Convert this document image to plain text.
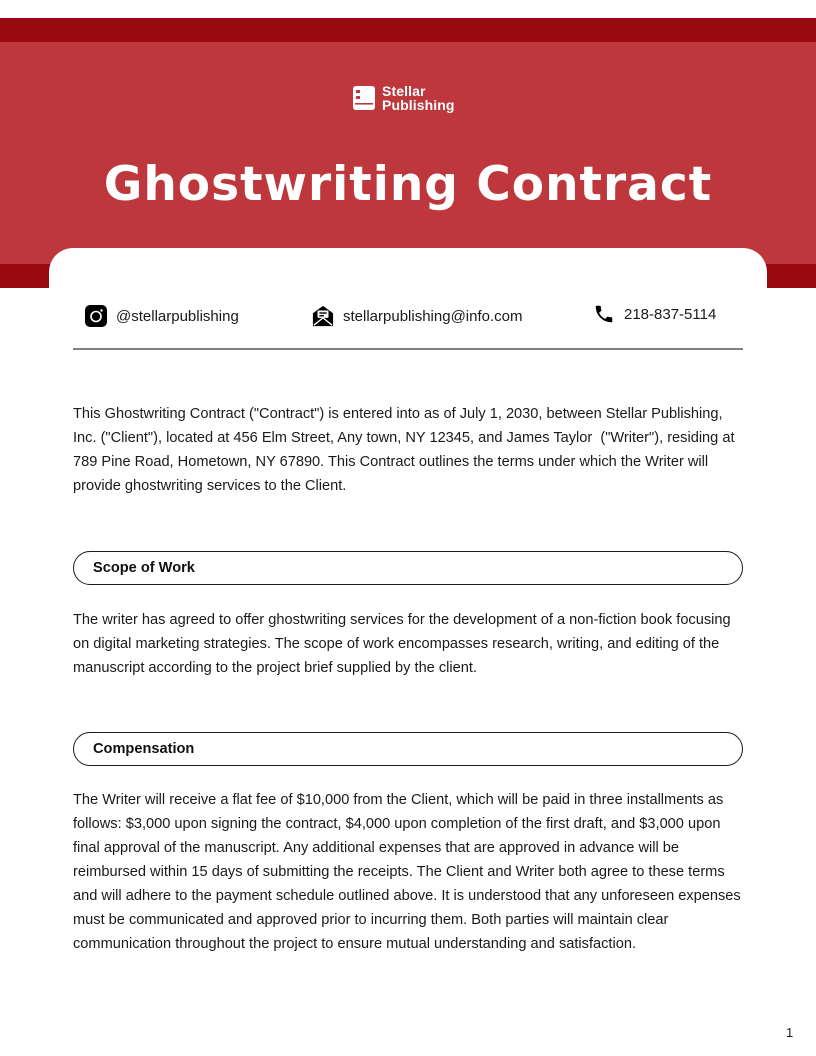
Stellar
Publishing
Ghostwriting Contract
@stellarpublishing	stellarpublishing@info.com	218-837-5114

This Ghostwriting Contract ("Contract") is entered into as of July 1, 2030, between Stellar Publishing, Inc. ("Client"), located at 456 Elm Street, Any town, NY 12345, and James Taylor  ("Writer"), residing at 789 Pine Road, Hometown, NY 67890. This Contract outlines the terms under which the Writer will provide ghostwriting services to the Client.

Scope of Work

The writer has agreed to offer ghostwriting services for the development of a non-fiction book focusing on digital marketing strategies. The scope of work encompasses research, writing, and editing of the manuscript according to the project brief supplied by the client.

Compensation

The Writer will receive a flat fee of $10,000 from the Client, which will be paid in three installments as follows: $3,000 upon signing the contract, $4,000 upon completion of the first draft, and $3,000 upon final approval of the manuscript. Any additional expenses that are approved in advance will be reimbursed within 15 days of submitting the receipts. The Client and Writer both agree to these terms and will adhere to the payment schedule outlined above. It is understood that any unforeseen expenses must be communicated and approved prior to incurring them. Both parties will maintain clear communication throughout the project to ensure mutual understanding and satisfaction.

1
